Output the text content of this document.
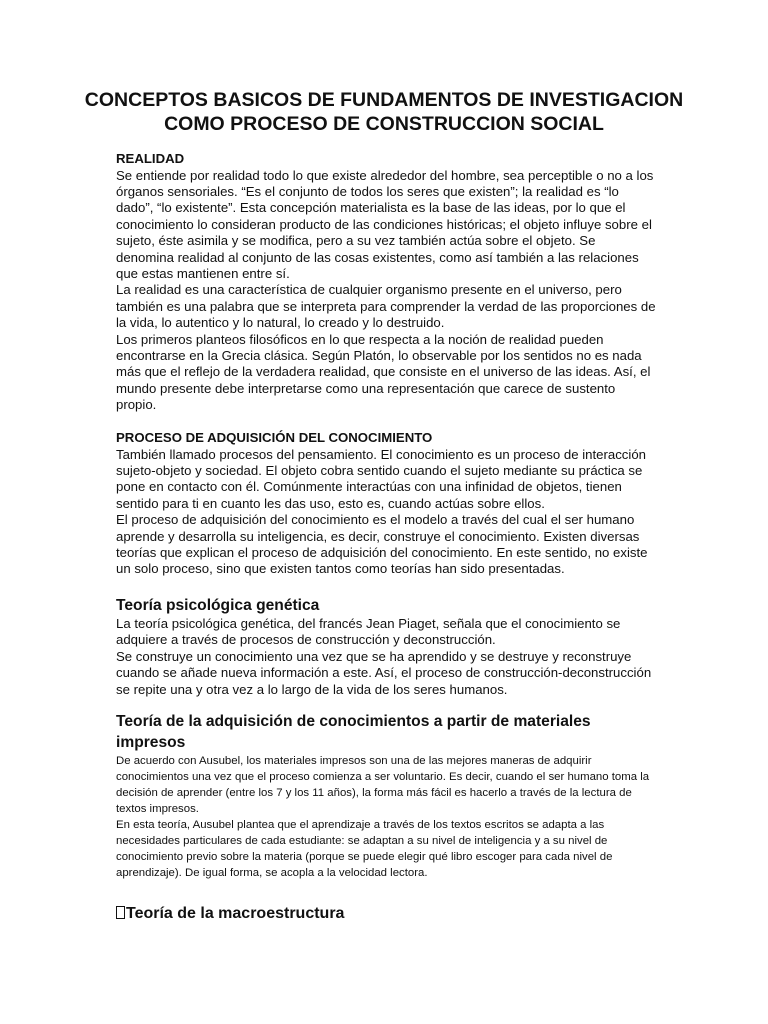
CONCEPTOS BASICOS DE FUNDAMENTOS DE INVESTIGACION
COMO PROCESO DE CONSTRUCCION SOCIAL
REALIDAD

Se entiende por realidad todo lo que existe alrededor del hombre, sea perceptible o no a los órganos sensoriales. “Es el conjunto de todos los seres que existen”; la realidad es “lo dado”, “lo existente”. Esta concepción materialista es la base de las ideas, por lo que el conocimiento lo consideran producto de las condiciones históricas; el objeto influye sobre el sujeto, éste asimila y se modifica, pero a su vez también actúa sobre el objeto. Se denomina realidad al conjunto de las cosas existentes, como así también a las relaciones que estas mantienen entre sí.

La realidad es una característica de cualquier organismo presente en el universo, pero también es una palabra que se interpreta para comprender la verdad de las proporciones de la vida, lo autentico y lo natural, lo creado y lo destruido.

Los primeros planteos filosóficos en lo que respecta a la noción de realidad pueden encontrarse en la Grecia clásica. Según Platón, lo observable por los sentidos no es nada más que el reflejo de la verdadera realidad, que consiste en el universo de las ideas. Así, el mundo presente debe interpretarse como una representación que carece de sustento propio.

PROCESO DE ADQUISICIÓN DEL CONOCIMIENTO

También llamado procesos del pensamiento. El conocimiento es un proceso de interacción sujeto-objeto y sociedad. El objeto cobra sentido cuando el sujeto mediante su práctica se pone en contacto con él. Comúnmente interactúas con una infinidad de objetos, tienen sentido para ti en cuanto les das uso, esto es, cuando actúas sobre ellos.

El proceso de adquisición del conocimiento es el modelo a través del cual el ser humano aprende y desarrolla su inteligencia, es decir, construye el conocimiento. Existen diversas teorías que explican el proceso de adquisición del conocimiento. En este sentido, no existe un solo proceso, sino que existen tantos como teorías han sido presentadas.

Teoría psicológica genética

La teoría psicológica genética, del francés Jean Piaget, señala que el conocimiento se adquiere a través de procesos de construcción y deconstrucción.

Se construye un conocimiento una vez que se ha aprendido y se destruye y reconstruye cuando se añade nueva información a este. Así, el proceso de construcción-deconstrucción se repite una y otra vez a lo largo de la vida de los seres humanos.

Teoría de la adquisición de conocimientos a partir de materiales impresos

De acuerdo con Ausubel, los materiales impresos son una de las mejores maneras de adquirir conocimientos una vez que el proceso comienza a ser voluntario. Es decir, cuando el ser humano toma la decisión de aprender (entre los 7 y los 11 años), la forma más fácil es hacerlo a través de la lectura de textos impresos.

En esta teoría, Ausubel plantea que el aprendizaje a través de los textos escritos se adapta a las necesidades particulares de cada estudiante: se adaptan a su nivel de inteligencia y a su nivel de conocimiento previo sobre la materia (porque se puede elegir qué libro escoger para cada nivel de aprendizaje). De igual forma, se acopla a la velocidad lectora.

Teoría de la macroestructura
